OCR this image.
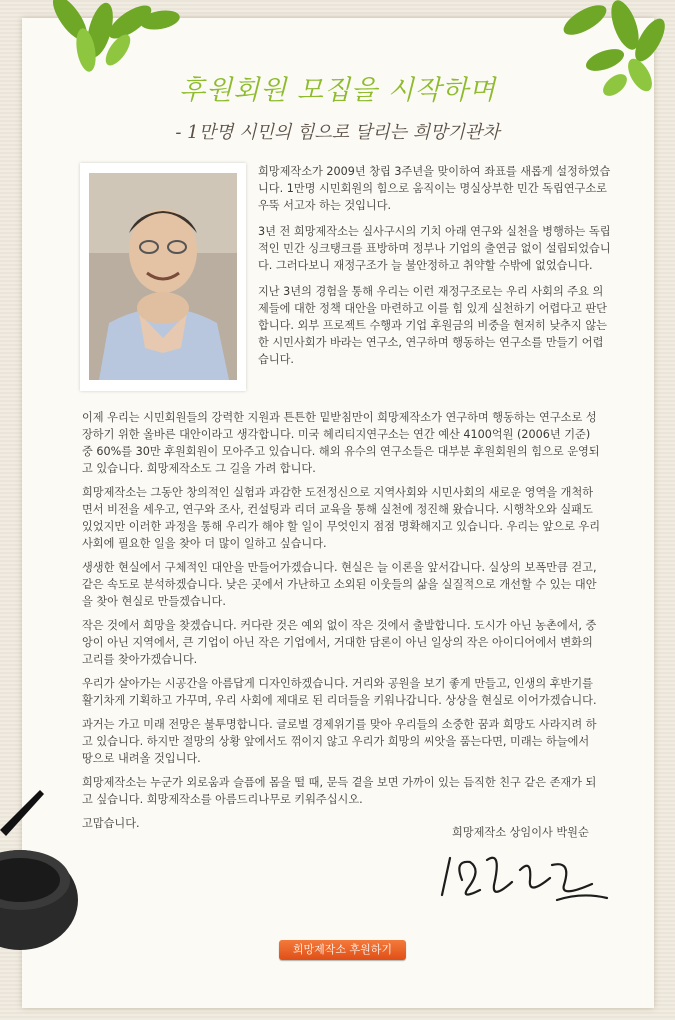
후원회원 모집을 시작하며
- 1만명 시민의 힘으로 달리는 희망기관차

희망제작소가 2009년 창립 3주년을 맞이하여 좌표를 새롭게 설정하였습니다. 1만명 시민회원의 힘으로 움직이는 명실상부한 민간 독립연구소로 우뚝 서고자 하는 것입니다.

3년 전 희망제작소는 실사구시의 기치 아래 연구와 실천을 병행하는 독립적인 민간 싱크탱크를 표방하며 정부나 기업의 출연금 없이 설립되었습니다. 그러다보니 재정구조가 늘 불안정하고 취약할 수밖에 없었습니다.

지난 3년의 경험을 통해 우리는 이런 재정구조로는 우리 사회의 주요 의제들에 대한 정책 대안을 마련하고 이를 힘 있게 실천하기 어렵다고 판단합니다. 외부 프로젝트 수행과 기업 후원금의 비중을 현저히 낮추지 않는 한 시민사회가 바라는 연구소, 연구하며 행동하는 연구소를 만들기 어렵습니다.

이제 우리는 시민회원들의 강력한 지원과 튼튼한 밑받침만이 희망제작소가 연구하며 행동하는 연구소로 성장하기 위한 올바른 대안이라고 생각합니다. 미국 헤리티지연구소는 연간 예산 4100억원 (2006년 기준) 중 60%를 30만 후원회원이 모아주고 있습니다. 해외 유수의 연구소들은 대부분 후원회원의 힘으로 운영되고 있습니다. 희망제작소도 그 길을 가려 합니다.

희망제작소는 그동안 창의적인 실험과 과감한 도전정신으로 지역사회와 시민사회의 새로운 영역을 개척하면서 비전을 세우고, 연구와 조사, 컨설팅과 리더 교육을 통해 실천에 정진해 왔습니다. 시행착오와 실패도 있었지만 이러한 과정을 통해 우리가 해야 할 일이 무엇인지 점점 명확해지고 있습니다. 우리는 앞으로 우리 사회에 필요한 일을 찾아 더 많이 일하고 싶습니다.

생생한 현실에서 구체적인 대안을 만들어가겠습니다. 현실은 늘 이론을 앞서갑니다. 실상의 보폭만큼 걷고, 같은 속도로 분석하겠습니다. 낮은 곳에서 가난하고 소외된 이웃들의 삶을 실질적으로 개선할 수 있는 대안을 찾아 현실로 만들겠습니다.

작은 것에서 희망을 찾겠습니다. 커다란 것은 예외 없이 작은 것에서 출발합니다. 도시가 아닌 농촌에서, 중앙이 아닌 지역에서, 큰 기업이 아닌 작은 기업에서, 거대한 담론이 아닌 일상의 작은 아이디어에서 변화의 고리를 찾아가겠습니다.

우리가 살아가는 시공간을 아름답게 디자인하겠습니다. 거리와 공원을 보기 좋게 만들고, 인생의 후반기를 활기차게 기획하고 가꾸며, 우리 사회에 제대로 된 리더들을 키워나갑니다. 상상을 현실로 이어가겠습니다.

과거는 가고 미래 전망은 불투명합니다. 글로벌 경제위기를 맞아 우리들의 소중한 꿈과 희망도 사라지려 하고 있습니다. 하지만 절망의 상황 앞에서도 꺾이지 않고 우리가 희망의 씨앗을 품는다면, 미래는 하늘에서 땅으로 내려올 것입니다.

희망제작소는 누군가 외로움과 슬픔에 몸을 떨 때, 문득 곁을 보면 가까이 있는 듬직한 친구 같은 존재가 되고 싶습니다. 희망제작소를 아름드리나무로 키워주십시오.

고맙습니다.

희망제작소 상임이사 박원순
희망제작소 후원하기
